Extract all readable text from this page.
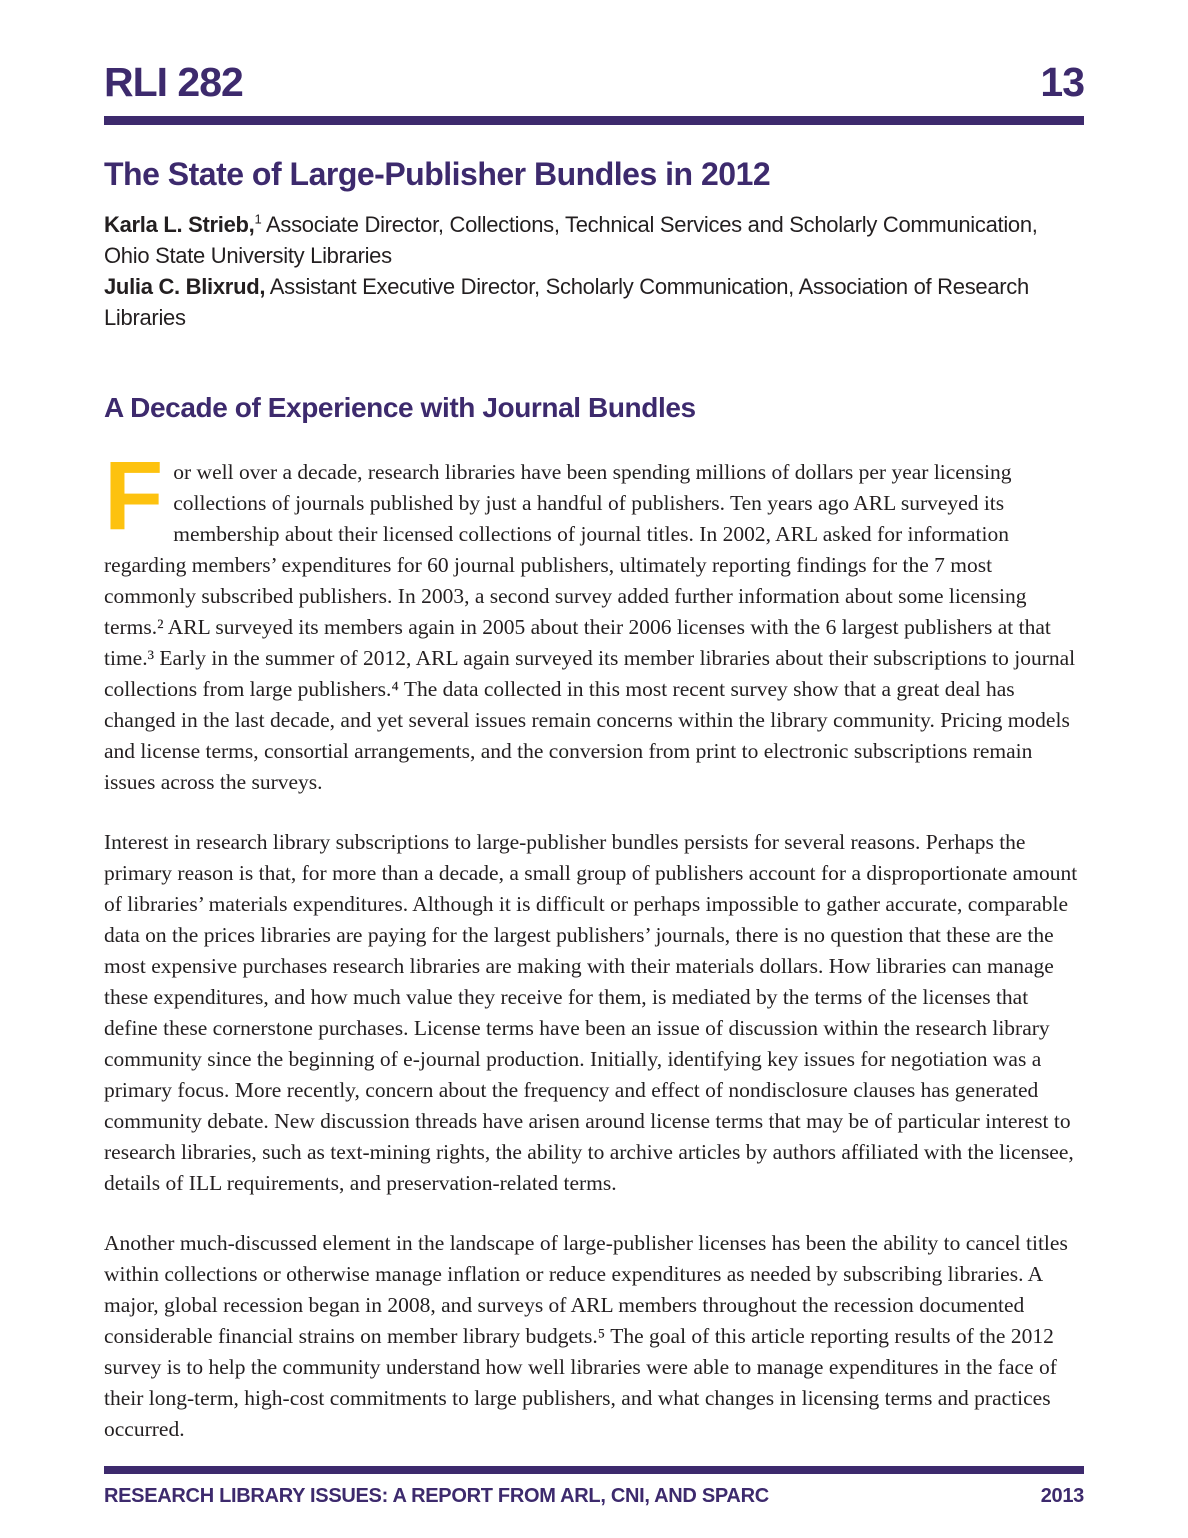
RLI 282	13
The State of Large-Publisher Bundles in 2012

Karla L. Strieb,$^1$ Associate Director, Collections, Technical Services and Scholarly Communication, Ohio State University Libraries

Julia C. Blixrud, Assistant Executive Director, Scholarly Communication, Association of Research Libraries

A Decade of Experience with Journal Bundles

For well over a decade, research libraries have been spending millions of dollars per year licensing collections of journals published by just a handful of publishers. Ten years ago ARL surveyed its membership about their licensed collections of journal titles. In 2002, ARL asked for information regarding members’ expenditures for 60 journal publishers, ultimately reporting findings for the 7 most commonly subscribed publishers. In 2003, a second survey added further information about some licensing terms.² ARL surveyed its members again in 2005 about their 2006 licenses with the 6 largest publishers at that time.³ Early in the summer of 2012, ARL again surveyed its member libraries about their subscriptions to journal collections from large publishers.⁴ The data collected in this most recent survey show that a great deal has changed in the last decade, and yet several issues remain concerns within the library community. Pricing models and license terms, consortial arrangements, and the conversion from print to electronic subscriptions remain issues across the surveys.

Interest in research library subscriptions to large-publisher bundles persists for several reasons. Perhaps the primary reason is that, for more than a decade, a small group of publishers account for a disproportionate amount of libraries’ materials expenditures. Although it is difficult or perhaps impossible to gather accurate, comparable data on the prices libraries are paying for the largest publishers’ journals, there is no question that these are the most expensive purchases research libraries are making with their materials dollars. How libraries can manage these expenditures, and how much value they receive for them, is mediated by the terms of the licenses that define these cornerstone purchases. License terms have been an issue of discussion within the research library community since the beginning of e-journal production. Initially, identifying key issues for negotiation was a primary focus. More recently, concern about the frequency and effect of nondisclosure clauses has generated community debate. New discussion threads have arisen around license terms that may be of particular interest to research libraries, such as text-mining rights, the ability to archive articles by authors affiliated with the licensee, details of ILL requirements, and preservation-related terms.

Another much-discussed element in the landscape of large-publisher licenses has been the ability to cancel titles within collections or otherwise manage inflation or reduce expenditures as needed by subscribing libraries. A major, global recession began in 2008, and surveys of ARL members throughout the recession documented considerable financial strains on member library budgets.⁵ The goal of this article reporting results of the 2012 survey is to help the community understand how well libraries were able to manage expenditures in the face of their long-term, high-cost commitments to large publishers, and what changes in licensing terms and practices occurred.

RESEARCH LIBRARY ISSUES: A REPORT FROM ARL, CNI, AND SPARC	2013
